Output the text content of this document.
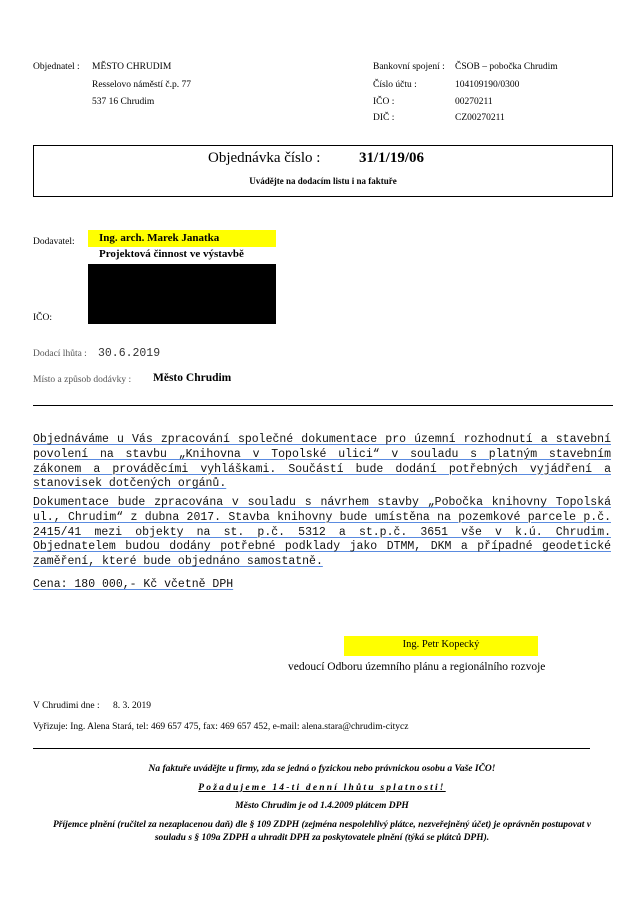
Objednatel : MĚSTO CHRUDIM
Resselovo náměstí č.p. 77
537 16 Chrudim
Bankovní spojení : ČSOB – pobočka Chrudim
Číslo účtu :	104109190/0300
IČO :	00270211
DIČ :	CZ00270211
Objednávka číslo :	31/1/19/06
Uvádějte na dodacím listu i na faktuře
Dodavatel: Ing. arch. Marek Janatka
Projektová činnost ve výstavbě
IČO:
Dodací lhůta : 30.6.2019
Místo a způsob dodávky : Město Chrudim
Objednáváme u Vás zpracování společné dokumentace pro územní rozhodnutí a stavební povolení na stavbu „Knihovna v Topolské ulici“ v souladu s platným stavebním zákonem a prováděcími vyhláškami. Součástí bude dodání potřebných vyjádření a stanovisek dotčených orgánů.
Dokumentace bude zpracována v souladu s návrhem stavby „Pobočka knihovny Topolská ul., Chrudim“ z dubna 2017. Stavba knihovny bude umístěna na pozemkové parcele p.č. 2415/41 mezi objekty na st. p.č. 5312 a st.p.č. 3651 vše v k.ú. Chrudim. Objednatelem budou dodány potřebné podklady jako DTMM, DKM a případné geodetické zaměření, které bude objednáno samostatně.
Cena: 180 000,- Kč včetně DPH
Ing. Petr Kopecký
vedoucí Odboru územního plánu a regionálního rozvoje
V Chrudimi dne : 8. 3. 2019
Vyřizuje: Ing. Alena Stará, tel: 469 657 475, fax: 469 657 452, e-mail: alena.stara@chrudim-citycz
Na faktuře uvádějte u firmy, zda se jedná o fyzickou nebo právnickou osobu a Vaše IČO!
Požadujeme 14-ti denní lhůtu splatnosti!
Město Chrudim je od 1.4.2009 plátcem DPH
Příjemce plnění (ručitel za nezaplacenou daň) dle § 109 ZDPH (zejména nespolehlivý plátce, nezveřejněný účet) je oprávněn postupovat v souladu s § 109a ZDPH a uhradit DPH za poskytovatele plnění (týká se plátců DPH).
